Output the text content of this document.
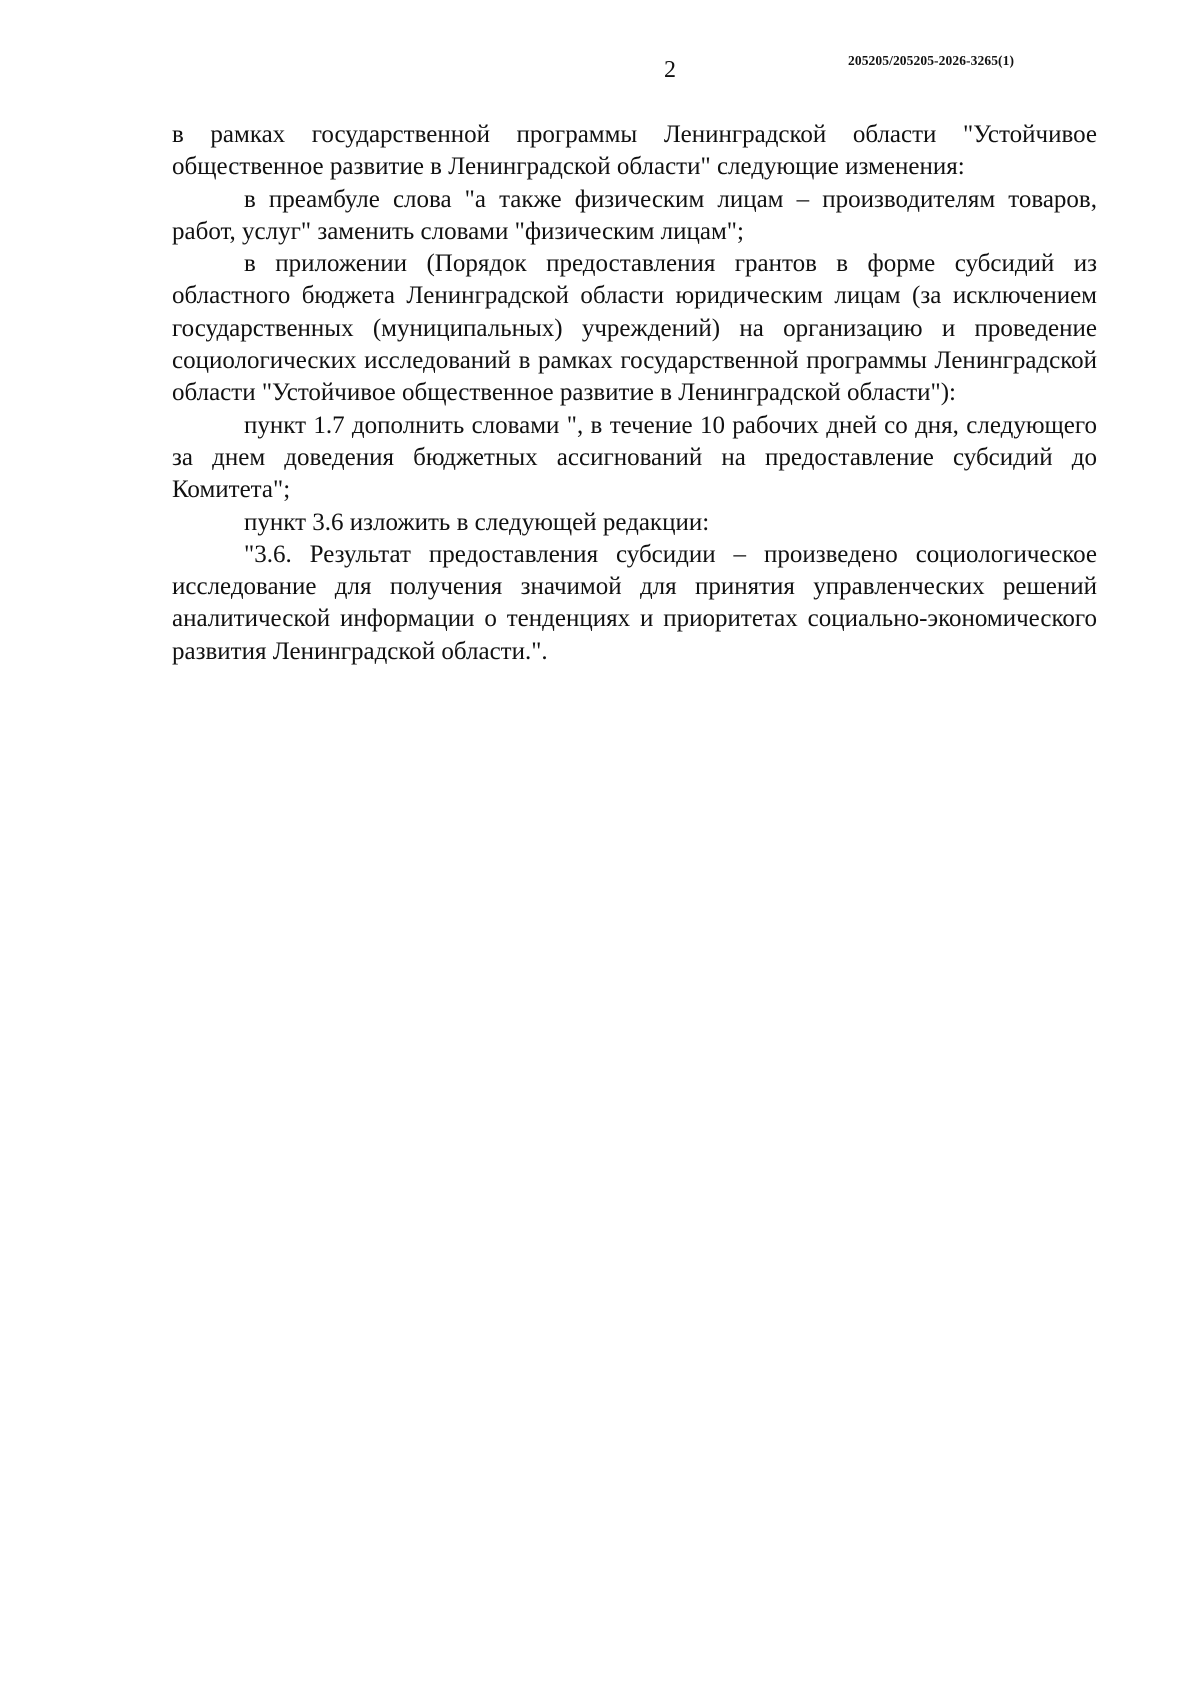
2	205205/205205-2026-3265(1)

в рамках государственной программы Ленинградской области "Устойчивое общественное развитие в Ленинградской области" следующие изменения:

в преамбуле слова "а также физическим лицам – производителям товаров, работ, услуг" заменить словами "физическим лицам";

в приложении (Порядок предоставления грантов в форме субсидий из областного бюджета Ленинградской области юридическим лицам (за исключением государственных (муниципальных) учреждений) на организацию и проведение социологических исследований в рамках государственной программы Ленинградской области "Устойчивое общественное развитие в Ленинградской области"):

пункт 1.7 дополнить словами ", в течение 10 рабочих дней со дня, следующего за днем доведения бюджетных ассигнований на предоставление субсидий до Комитета";

пункт 3.6 изложить в следующей редакции:

"3.6. Результат предоставления субсидии – произведено социологическое исследование для получения значимой для принятия управленческих решений аналитической информации о тенденциях и приоритетах социально-экономического развития Ленинградской области.".
